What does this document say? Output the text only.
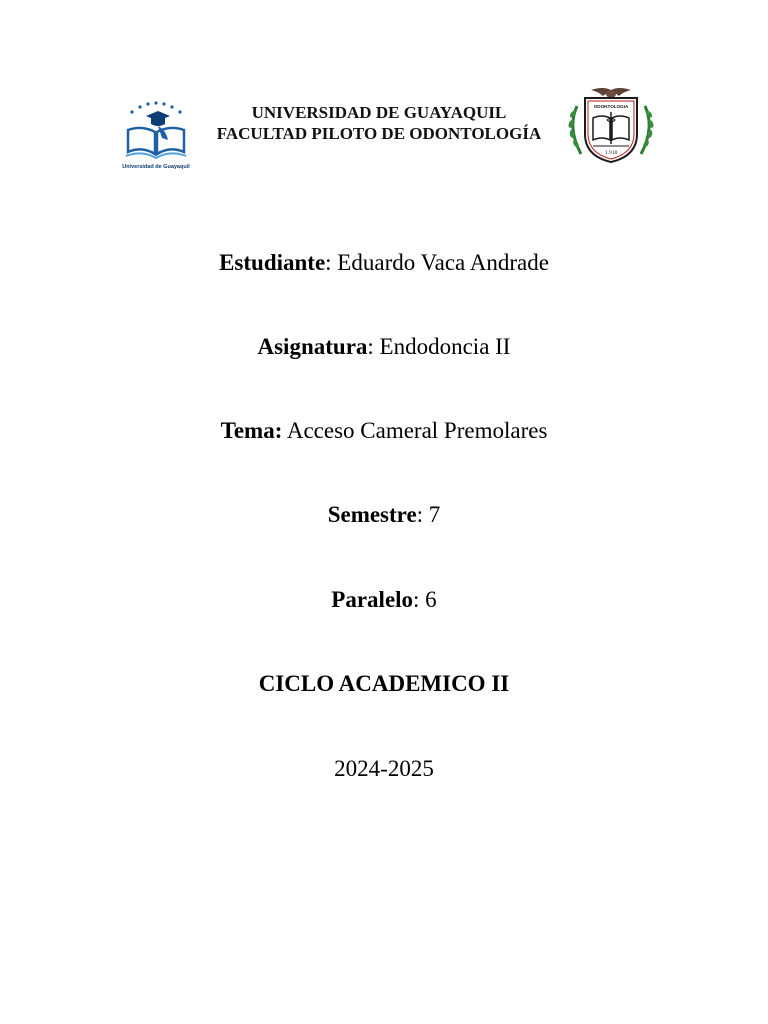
Universidad de Guayaquil
UNIVERSIDAD DE GUAYAQUIL
FACULTAD PILOTO DE ODONTOLOGÍA
ODONTOLOGIA
1.918
Estudiante: Eduardo Vaca Andrade
Asignatura: Endodoncia II
Tema: Acceso Cameral Premolares
Semestre: 7
Paralelo: 6
CICLO ACADEMICO II
2024-2025
